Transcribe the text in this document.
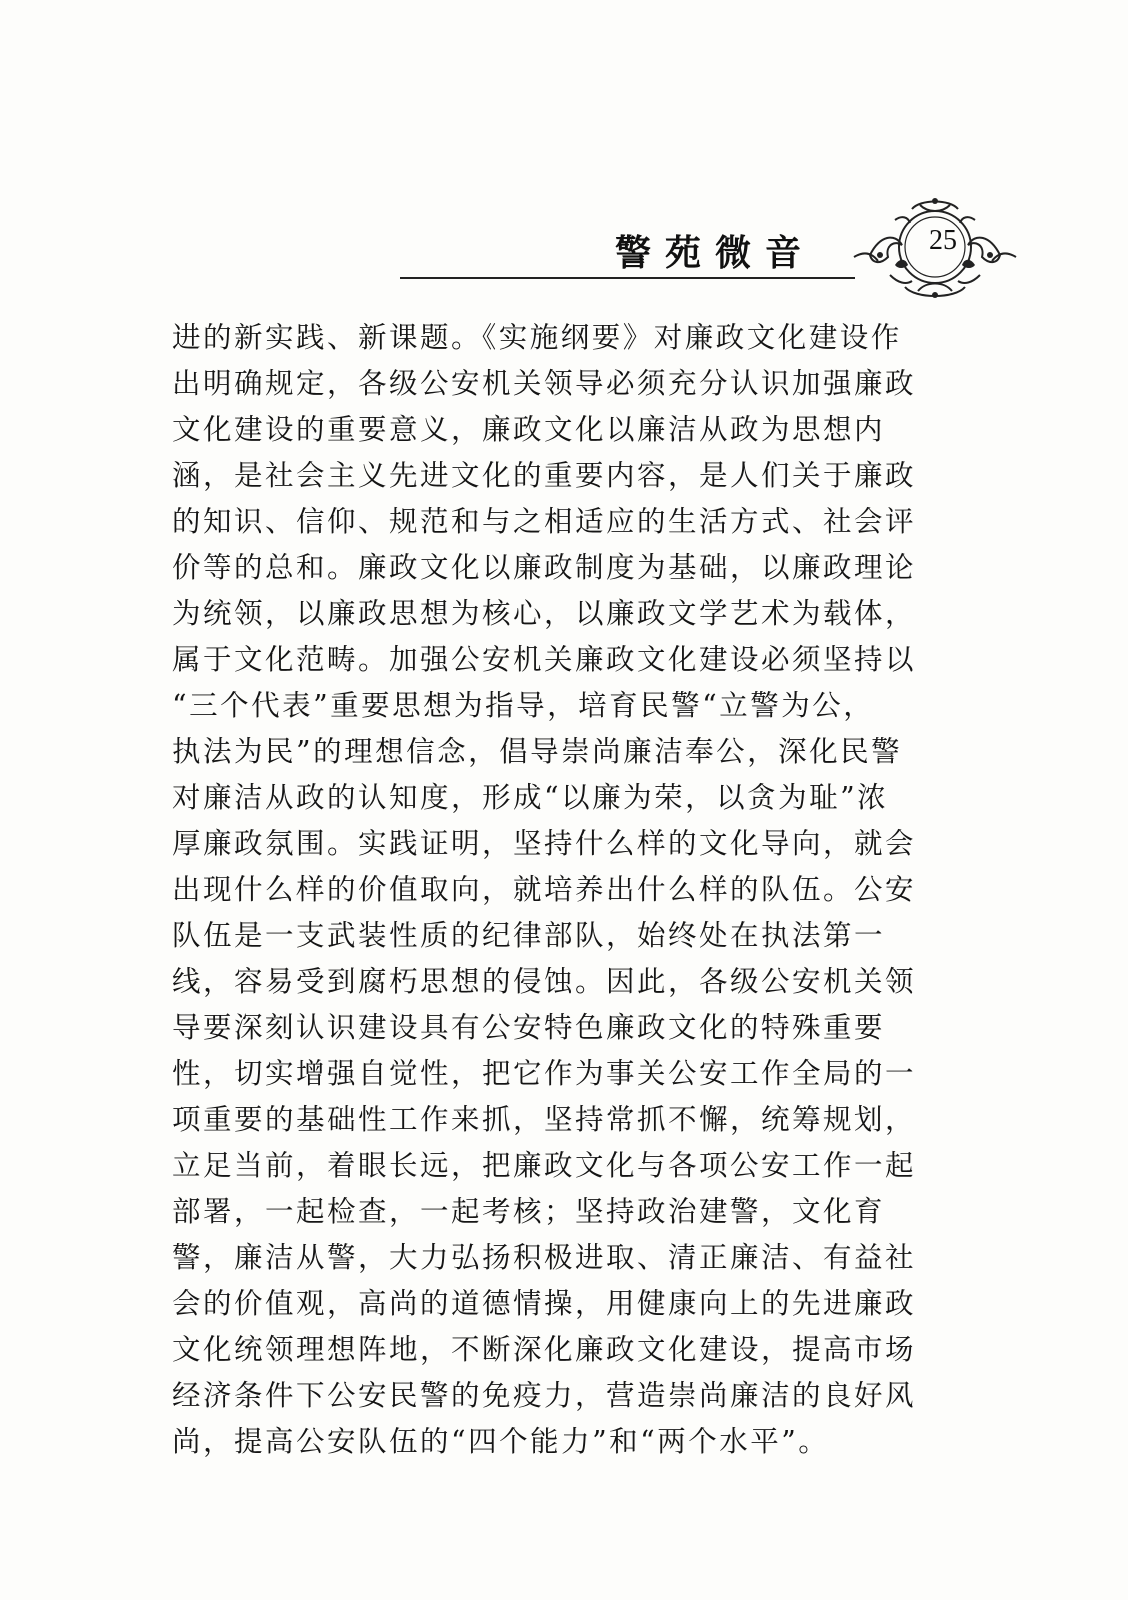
警苑微音	25
进的新实践、新课题。《实施纲要》对廉政文化建设作
出明确规定，各级公安机关领导必须充分认识加强廉政
文化建设的重要意义，廉政文化以廉洁从政为思想内
涵，是社会主义先进文化的重要内容，是人们关于廉政
的知识、信仰、规范和与之相适应的生活方式、社会评
价等的总和。廉政文化以廉政制度为基础，以廉政理论
为统领，以廉政思想为核心，以廉政文学艺术为载体，
属于文化范畴。加强公安机关廉政文化建设必须坚持以
“三个代表”重要思想为指导，培育民警“立警为公，
执法为民”的理想信念，倡导崇尚廉洁奉公，深化民警
对廉洁从政的认知度，形成“以廉为荣，以贪为耻”浓
厚廉政氛围。实践证明，坚持什么样的文化导向，就会
出现什么样的价值取向，就培养出什么样的队伍。公安
队伍是一支武装性质的纪律部队，始终处在执法第一
线，容易受到腐朽思想的侵蚀。因此，各级公安机关领
导要深刻认识建设具有公安特色廉政文化的特殊重要
性，切实增强自觉性，把它作为事关公安工作全局的一
项重要的基础性工作来抓，坚持常抓不懈，统筹规划，
立足当前，着眼长远，把廉政文化与各项公安工作一起
部署，一起检查，一起考核；坚持政治建警，文化育
警，廉洁从警，大力弘扬积极进取、清正廉洁、有益社
会的价值观，高尚的道德情操，用健康向上的先进廉政
文化统领理想阵地，不断深化廉政文化建设，提高市场
经济条件下公安民警的免疫力，营造崇尚廉洁的良好风
尚，提高公安队伍的“四个能力”和“两个水平”。
